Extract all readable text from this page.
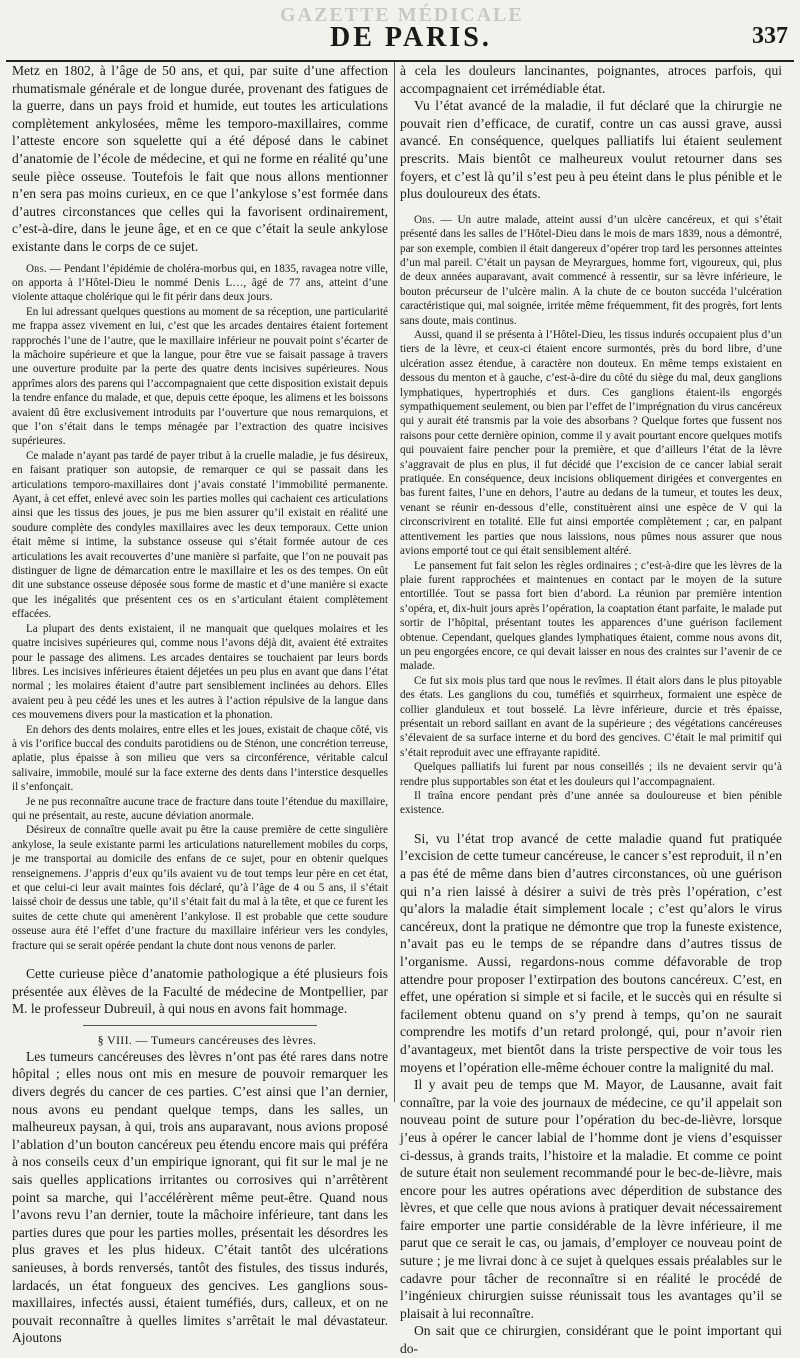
GAZETTE MÉDICALE
DE PARIS.	337

Metz en 1802, à l’âge de 50 ans, et qui, par suite d’une affection rhumatismale générale et de longue durée, provenant des fatigues de la guerre, dans un pays froid et humide, eut toutes les articulations complètement ankylosées, même les temporo-maxillaires, comme l’atteste encore son squelette qui a été déposé dans le cabinet d’anatomie de l’école de médecine, et qui ne forme en réalité qu’une seule pièce osseuse. Toutefois le fait que nous allons mentionner n’en sera pas moins curieux, en ce que l’ankylose s’est formée dans d’autres circonstances que celles qui la favorisent ordinairement, c’est-à-dire, dans le jeune âge, et en ce que c’était la seule ankylose existante dans le corps de ce sujet.

Obs. — Pendant l’épidémie de choléra-morbus qui, en 1835, ravagea notre ville, on apporta à l’Hôtel-Dieu le nommé Denis L…, âgé de 77 ans, atteint d’une violente attaque cholérique qui le fit périr dans deux jours.

En lui adressant quelques questions au moment de sa réception, une particularité me frappa assez vivement en lui, c’est que les arcades dentaires étaient fortement rapprochés l’une de l’autre, que le maxillaire inférieur ne pouvait point s’écarter de la mâchoire supérieure et que la langue, pour être vue se faisait passage à travers une ouverture produite par la perte des quatre dents incisives supérieures. Nous apprîmes alors des parens qui l’accompagnaient que cette disposition existait depuis la tendre enfance du malade, et que, depuis cette époque, les alimens et les boissons avaient dû être exclusivement introduits par l’ouverture que nous remarquions, et que l’on s’était dans le temps ménagée par l’extraction des quatre incisives supérieures.

Ce malade n’ayant pas tardé de payer tribut à la cruelle maladie, je fus désireux, en faisant pratiquer son autopsie, de remarquer ce qui se passait dans les articulations temporo-maxillaires dont j’avais constaté l’immobilité permanente. Ayant, à cet effet, enlevé avec soin les parties molles qui cachaient ces articulations ainsi que les tissus des joues, je pus me bien assurer qu’il existait en réalité une soudure complète des condyles maxillaires avec les deux temporaux. Cette union était même si intime, la substance osseuse qui s’était formée autour de ces articulations les avait recouvertes d’une manière si parfaite, que l’on ne pouvait pas distinguer de ligne de démarcation entre le maxillaire et les os des tempes. On eût dit une substance osseuse déposée sous forme de mastic et d’une manière si exacte que les inégalités que présentent ces os en s’articulant étaient complètement effacées.

La plupart des dents existaient, il ne manquait que quelques molaires et les quatre incisives supérieures qui, comme nous l’avons déjà dit, avaient été extraites pour le passage des alimens. Les arcades dentaires se touchaient par leurs bords libres. Les incisives inférieures étaient déjetées un peu plus en avant que dans l’état normal ; les molaires étaient d’autre part sensiblement inclinées au dehors. Elles avaient peu à peu cédé les unes et les autres à l’action répulsive de la langue dans ces mouvemens divers pour la mastication et la phonation.

En dehors des dents molaires, entre elles et les joues, existait de chaque côté, vis à vis l’orifice buccal des conduits parotidiens ou de Sténon, une concrétion terreuse, aplatie, plus épaisse à son milieu que vers sa circonférence, véritable calcul salivaire, immobile, moulé sur la face externe des dents dans l’interstice desquelles il s’enfonçait.

Je ne pus reconnaître aucune trace de fracture dans toute l’étendue du maxillaire, qui ne présentait, au reste, aucune déviation anormale.

Désireux de connaître quelle avait pu être la cause première de cette singulière ankylose, la seule existante parmi les articulations naturellement mobiles du corps, je me transportai au domicile des enfans de ce sujet, pour en obtenir quelques renseignemens. J’appris d’eux qu’ils avaient vu de tout temps leur père en cet état, et que celui-ci leur avait maintes fois déclaré, qu’à l’âge de 4 ou 5 ans, il s’était laissé choir de dessus une table, qu’il s’était fait du mal à la tête, et que ce furent les suites de cette chute qui amenèrent l’ankylose. Il est probable que cette soudure osseuse aura été l’effet d’une fracture du maxillaire inférieur vers les condyles, fracture qui se serait opérée pendant la chute dont nous venons de parler.

Cette curieuse pièce d’anatomie pathologique a été plusieurs fois présentée aux élèves de la Faculté de médecine de Montpellier, par M. le professeur Dubreuil, à qui nous en avons fait hommage.

§ VIII. — Tumeurs cancéreuses des lèvres.

Les tumeurs cancéreuses des lèvres n’ont pas été rares dans notre hôpital ; elles nous ont mis en mesure de pouvoir remarquer les divers degrés du cancer de ces parties. C’est ainsi que l’an dernier, nous avons eu pendant quelque temps, dans les salles, un malheureux paysan, à qui, trois ans auparavant, nous avions proposé l’ablation d’un bouton cancéreux peu étendu encore mais qui préféra à nos conseils ceux d’un empirique ignorant, qui fit sur le mal je ne sais quelles applications irritantes ou corrosives qui n’arrêtèrent point sa marche, qui l’accélérèrent même peut-être. Quand nous l’avons revu l’an dernier, toute la mâchoire inférieure, tant dans les parties dures que pour les parties molles, présentait les désordres les plus graves et les plus hideux. C’était tantôt des ulcérations sanieuses, à bords renversés, tantôt des fistules, des tissus indurés, lardacés, un état fongueux des gencives. Les ganglions sous-maxillaires, infectés aussi, étaient tuméfiés, durs, calleux, et on ne pouvait reconnaître à quelles limites s’arrêtait le mal dévastateur. Ajoutons

à cela les douleurs lancinantes, poignantes, atroces parfois, qui accompagnaient cet irrémédiable état.

Vu l’état avancé de la maladie, il fut déclaré que la chirurgie ne pouvait rien d’efficace, de curatif, contre un cas aussi grave, aussi avancé. En conséquence, quelques palliatifs lui étaient seulement prescrits. Mais bientôt ce malheureux voulut retourner dans ses foyers, et c’est là qu’il s’est peu à peu éteint dans le plus pénible et le plus douloureux des états.

Obs. — Un autre malade, atteint aussi d’un ulcère cancéreux, et qui s’était présenté dans les salles de l’Hôtel-Dieu dans le mois de mars 1839, nous a démontré, par son exemple, combien il était dangereux d’opérer trop tard les personnes atteintes d’un mal pareil. C’était un paysan de Meyrargues, homme fort, vigoureux, qui, plus de deux années auparavant, avait commencé à ressentir, sur sa lèvre inférieure, le bouton précurseur de l’ulcère malin. A la chute de ce bouton succéda l’ulcération caractéristique qui, mal soignée, irritée même fréquemment, fit des progrès, fort lents sans doute, mais continus.

Aussi, quand il se présenta à l’Hôtel-Dieu, les tissus indurés occupaient plus d’un tiers de la lèvre, et ceux-ci étaient encore surmontés, près du bord libre, d’une ulcération assez étendue, à caractère non douteux. En même temps existaient en dessous du menton et à gauche, c’est-à-dire du côté du siège du mal, deux ganglions lymphatiques, hypertrophiés et durs. Ces ganglions étaient-ils engorgés sympathiquement seulement, ou bien par l’effet de l’imprégnation du virus cancéreux qui y aurait été transmis par la voie des absorbans ? Quelque fortes que fussent nos raisons pour cette dernière opinion, comme il y avait pourtant encore quelques motifs qui pouvaient faire pencher pour la première, et que d’ailleurs l’état de la lèvre s’aggravait de plus en plus, il fut décidé que l’excision de ce cancer labial serait pratiquée. En conséquence, deux incisions obliquement dirigées et convergentes en bas furent faites, l’une en dehors, l’autre au dedans de la tumeur, et toutes les deux, venant se réunir en-dessous d’elle, constituèrent ainsi une espèce de V qui la circonscrivirent en totalité. Elle fut ainsi emportée complètement ; car, en palpant attentivement les parties que nous laissions, nous pûmes nous assurer que nous avions emporté tout ce qui était sensiblement altéré.

Le pansement fut fait selon les règles ordinaires ; c’est-à-dire que les lèvres de la plaie furent rapprochées et maintenues en contact par le moyen de la suture entortillée. Tout se passa fort bien d’abord. La réunion par première intention s’opéra, et, dix-huit jours après l’opération, la coaptation étant parfaite, le malade put sortir de l’hôpital, présentant toutes les apparences d’une guérison facilement obtenue. Cependant, quelques glandes lymphatiques étaient, comme nous avons dit, un peu engorgées encore, ce qui devait laisser en nous des craintes sur l’avenir de ce malade.

Ce fut six mois plus tard que nous le revîmes. Il était alors dans le plus pitoyable des états. Les ganglions du cou, tuméfiés et squirrheux, formaient une espèce de collier glanduleux et tout bosselé. La lèvre inférieure, durcie et très épaisse, présentait un rebord saillant en avant de la supérieure ; des végétations cancéreuses s’élevaient de sa surface interne et du bord des gencives. C’était le mal primitif qui s’était reproduit avec une effrayante rapidité.

Quelques palliatifs lui furent par nous conseillés ; ils ne devaient servir qu’à rendre plus supportables son état et les douleurs qui l’accompagnaient.

Il traîna encore pendant près d’une année sa douloureuse et bien pénible existence.

Si, vu l’état trop avancé de cette maladie quand fut pratiquée l’excision de cette tumeur cancéreuse, le cancer s’est reproduit, il n’en a pas été de même dans bien d’autres circonstances, où une guérison qui n’a rien laissé à désirer a suivi de très près l’opération, c’est qu’alors la maladie était simplement locale ; c’est qu’alors le virus cancéreux, dont la pratique ne démontre que trop la funeste existence, n’avait pas eu le temps de se répandre dans d’autres tissus de l’organisme. Aussi, regardons-nous comme défavorable de trop attendre pour proposer l’extirpation des boutons cancéreux. C’est, en effet, une opération si simple et si facile, et le succès qui en résulte si facilement obtenu quand on s’y prend à temps, qu’on ne saurait comprendre les motifs d’un retard prolongé, qui, pour n’avoir rien d’avantageux, met bientôt dans la triste perspective de voir tous les moyens et l’opération elle-même échouer contre la malignité du mal.

Il y avait peu de temps que M. Mayor, de Lausanne, avait fait connaître, par la voie des journaux de médecine, ce qu’il appelait son nouveau point de suture pour l’opération du bec-de-lièvre, lorsque j’eus à opérer le cancer labial de l’homme dont je viens d’esquisser ci-dessus, à grands traits, l’histoire et la maladie. Et comme ce point de suture était non seulement recommandé pour le bec-de-lièvre, mais encore pour les autres opérations avec déperdition de substance des lèvres, et que celle que nous avions à pratiquer devait nécessairement faire emporter une partie considérable de la lèvre inférieure, il me parut que ce serait le cas, ou jamais, d’employer ce nouveau point de suture ; je me livrai donc à ce sujet à quelques essais préalables sur le cadavre pour tâcher de reconnaître si en réalité le procédé de l’ingénieux chirurgien suisse réunissait tous les avantages qu’il se plaisait à lui reconnaître.

On sait que ce chirurgien, considérant que le point important qui do-
